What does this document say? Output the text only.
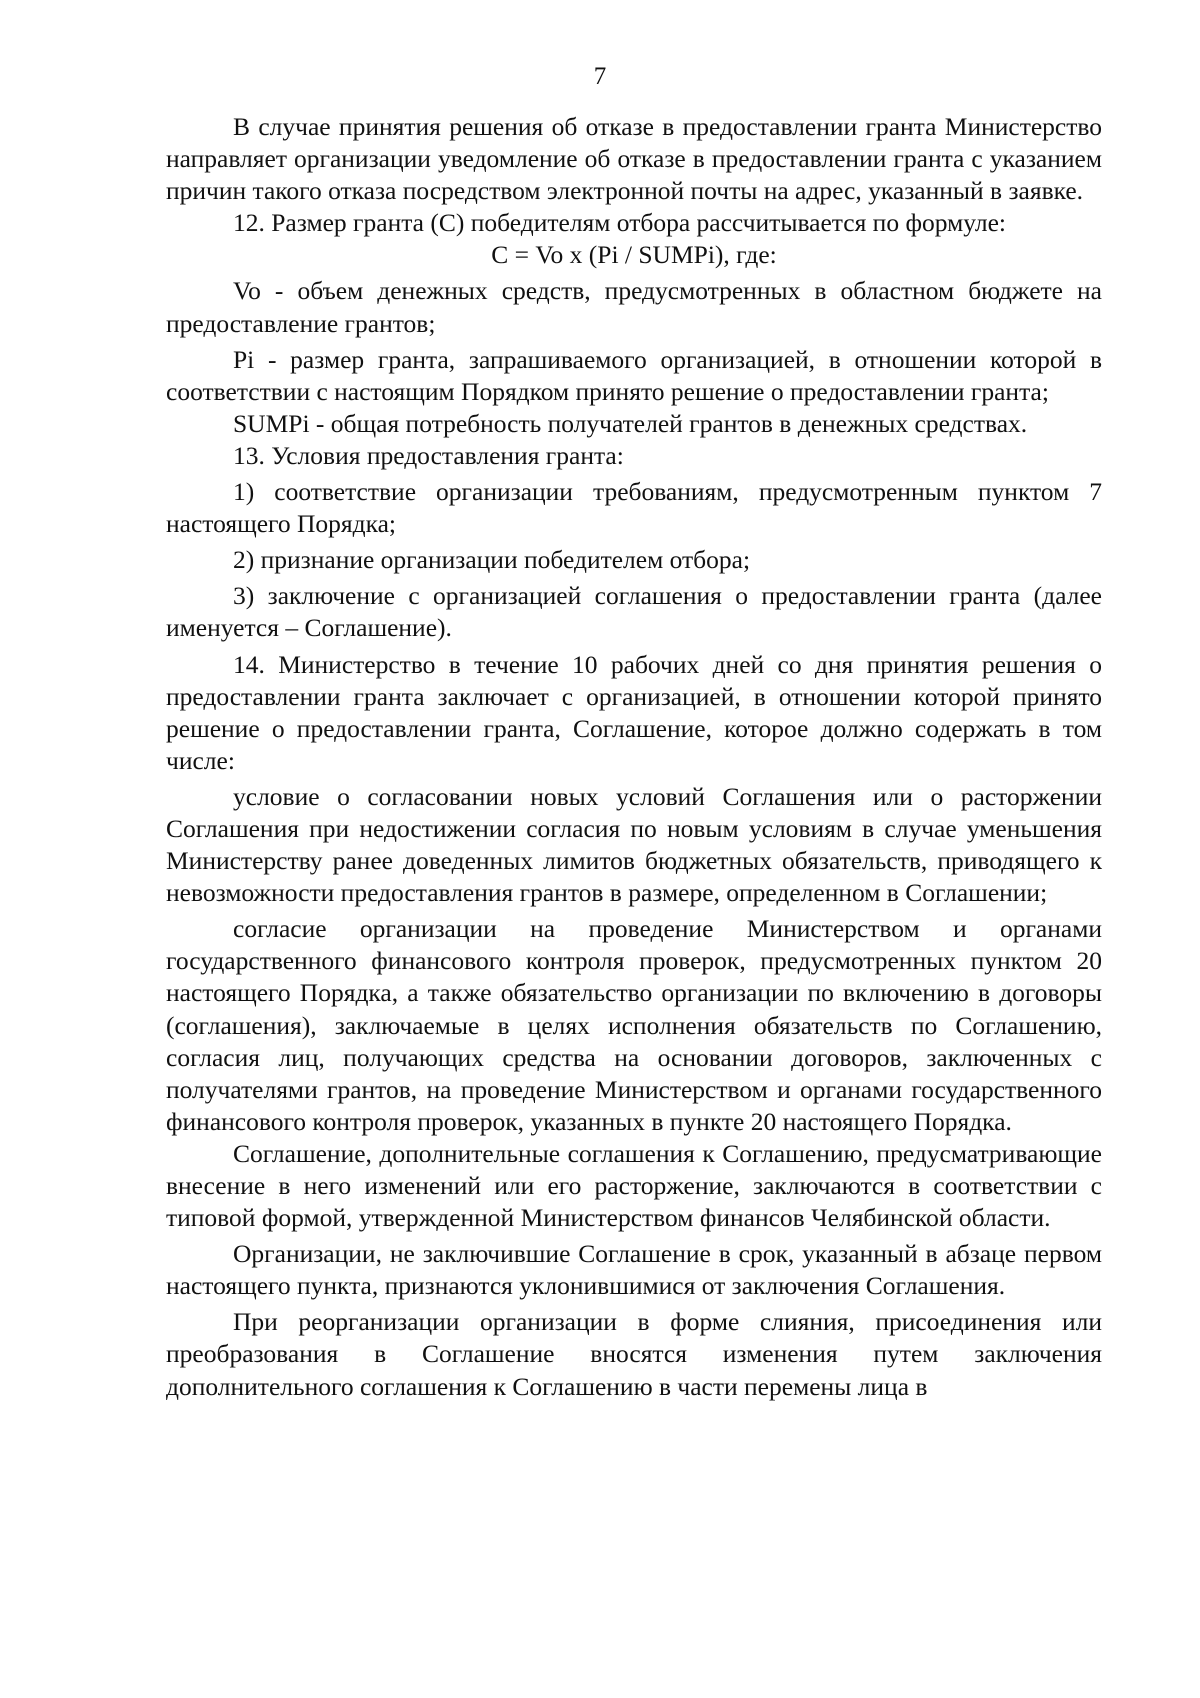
7

В случае принятия решения об отказе в предоставлении гранта Министерство направляет организации уведомление об отказе в предоставлении гранта с указанием причин такого отказа посредством электронной почты на адрес, указанный в заявке.

12. Размер гранта (С) победителям отбора рассчитывается по формуле:

С = Vo х (Pi / SUMPi), где:

Vo - объем денежных средств, предусмотренных в областном бюджете на предоставление грантов;

Pi - размер гранта, запрашиваемого организацией, в отношении которой в соответствии с настоящим Порядком принято решение о предоставлении гранта;

SUMPi - общая потребность получателей грантов в денежных средствах.

13. Условия предоставления гранта:

1) соответствие организации требованиям, предусмотренным пунктом 7 настоящего Порядка;

2) признание организации победителем отбора;

3) заключение с организацией соглашения о предоставлении гранта (далее именуется – Соглашение).

14. Министерство в течение 10 рабочих дней со дня принятия решения о предоставлении гранта заключает с организацией, в отношении которой принято решение о предоставлении гранта, Соглашение, которое должно содержать в том числе:

условие о согласовании новых условий Соглашения или о расторжении Соглашения при недостижении согласия по новым условиям в случае уменьшения Министерству ранее доведенных лимитов бюджетных обязательств, приводящего к невозможности предоставления грантов в размере, определенном в Соглашении;

согласие организации на проведение Министерством и органами государственного финансового контроля проверок, предусмотренных пунктом 20 настоящего Порядка, а также обязательство организации по включению в договоры (соглашения), заключаемые в целях исполнения обязательств по Соглашению, согласия лиц, получающих средства на основании договоров, заключенных с получателями грантов, на проведение Министерством и органами государственного финансового контроля проверок, указанных в пункте 20 настоящего Порядка.

Соглашение, дополнительные соглашения к Соглашению, предусматривающие внесение в него изменений или его расторжение, заключаются в соответствии с типовой формой, утвержденной Министерством финансов Челябинской области.

Организации, не заключившие Соглашение в срок, указанный в абзаце первом настоящего пункта, признаются уклонившимися от заключения Соглашения.

При реорганизации организации в форме слияния, присоединения или преобразования в Соглашение вносятся изменения путем заключения дополнительного соглашения к Соглашению в части перемены лица в
